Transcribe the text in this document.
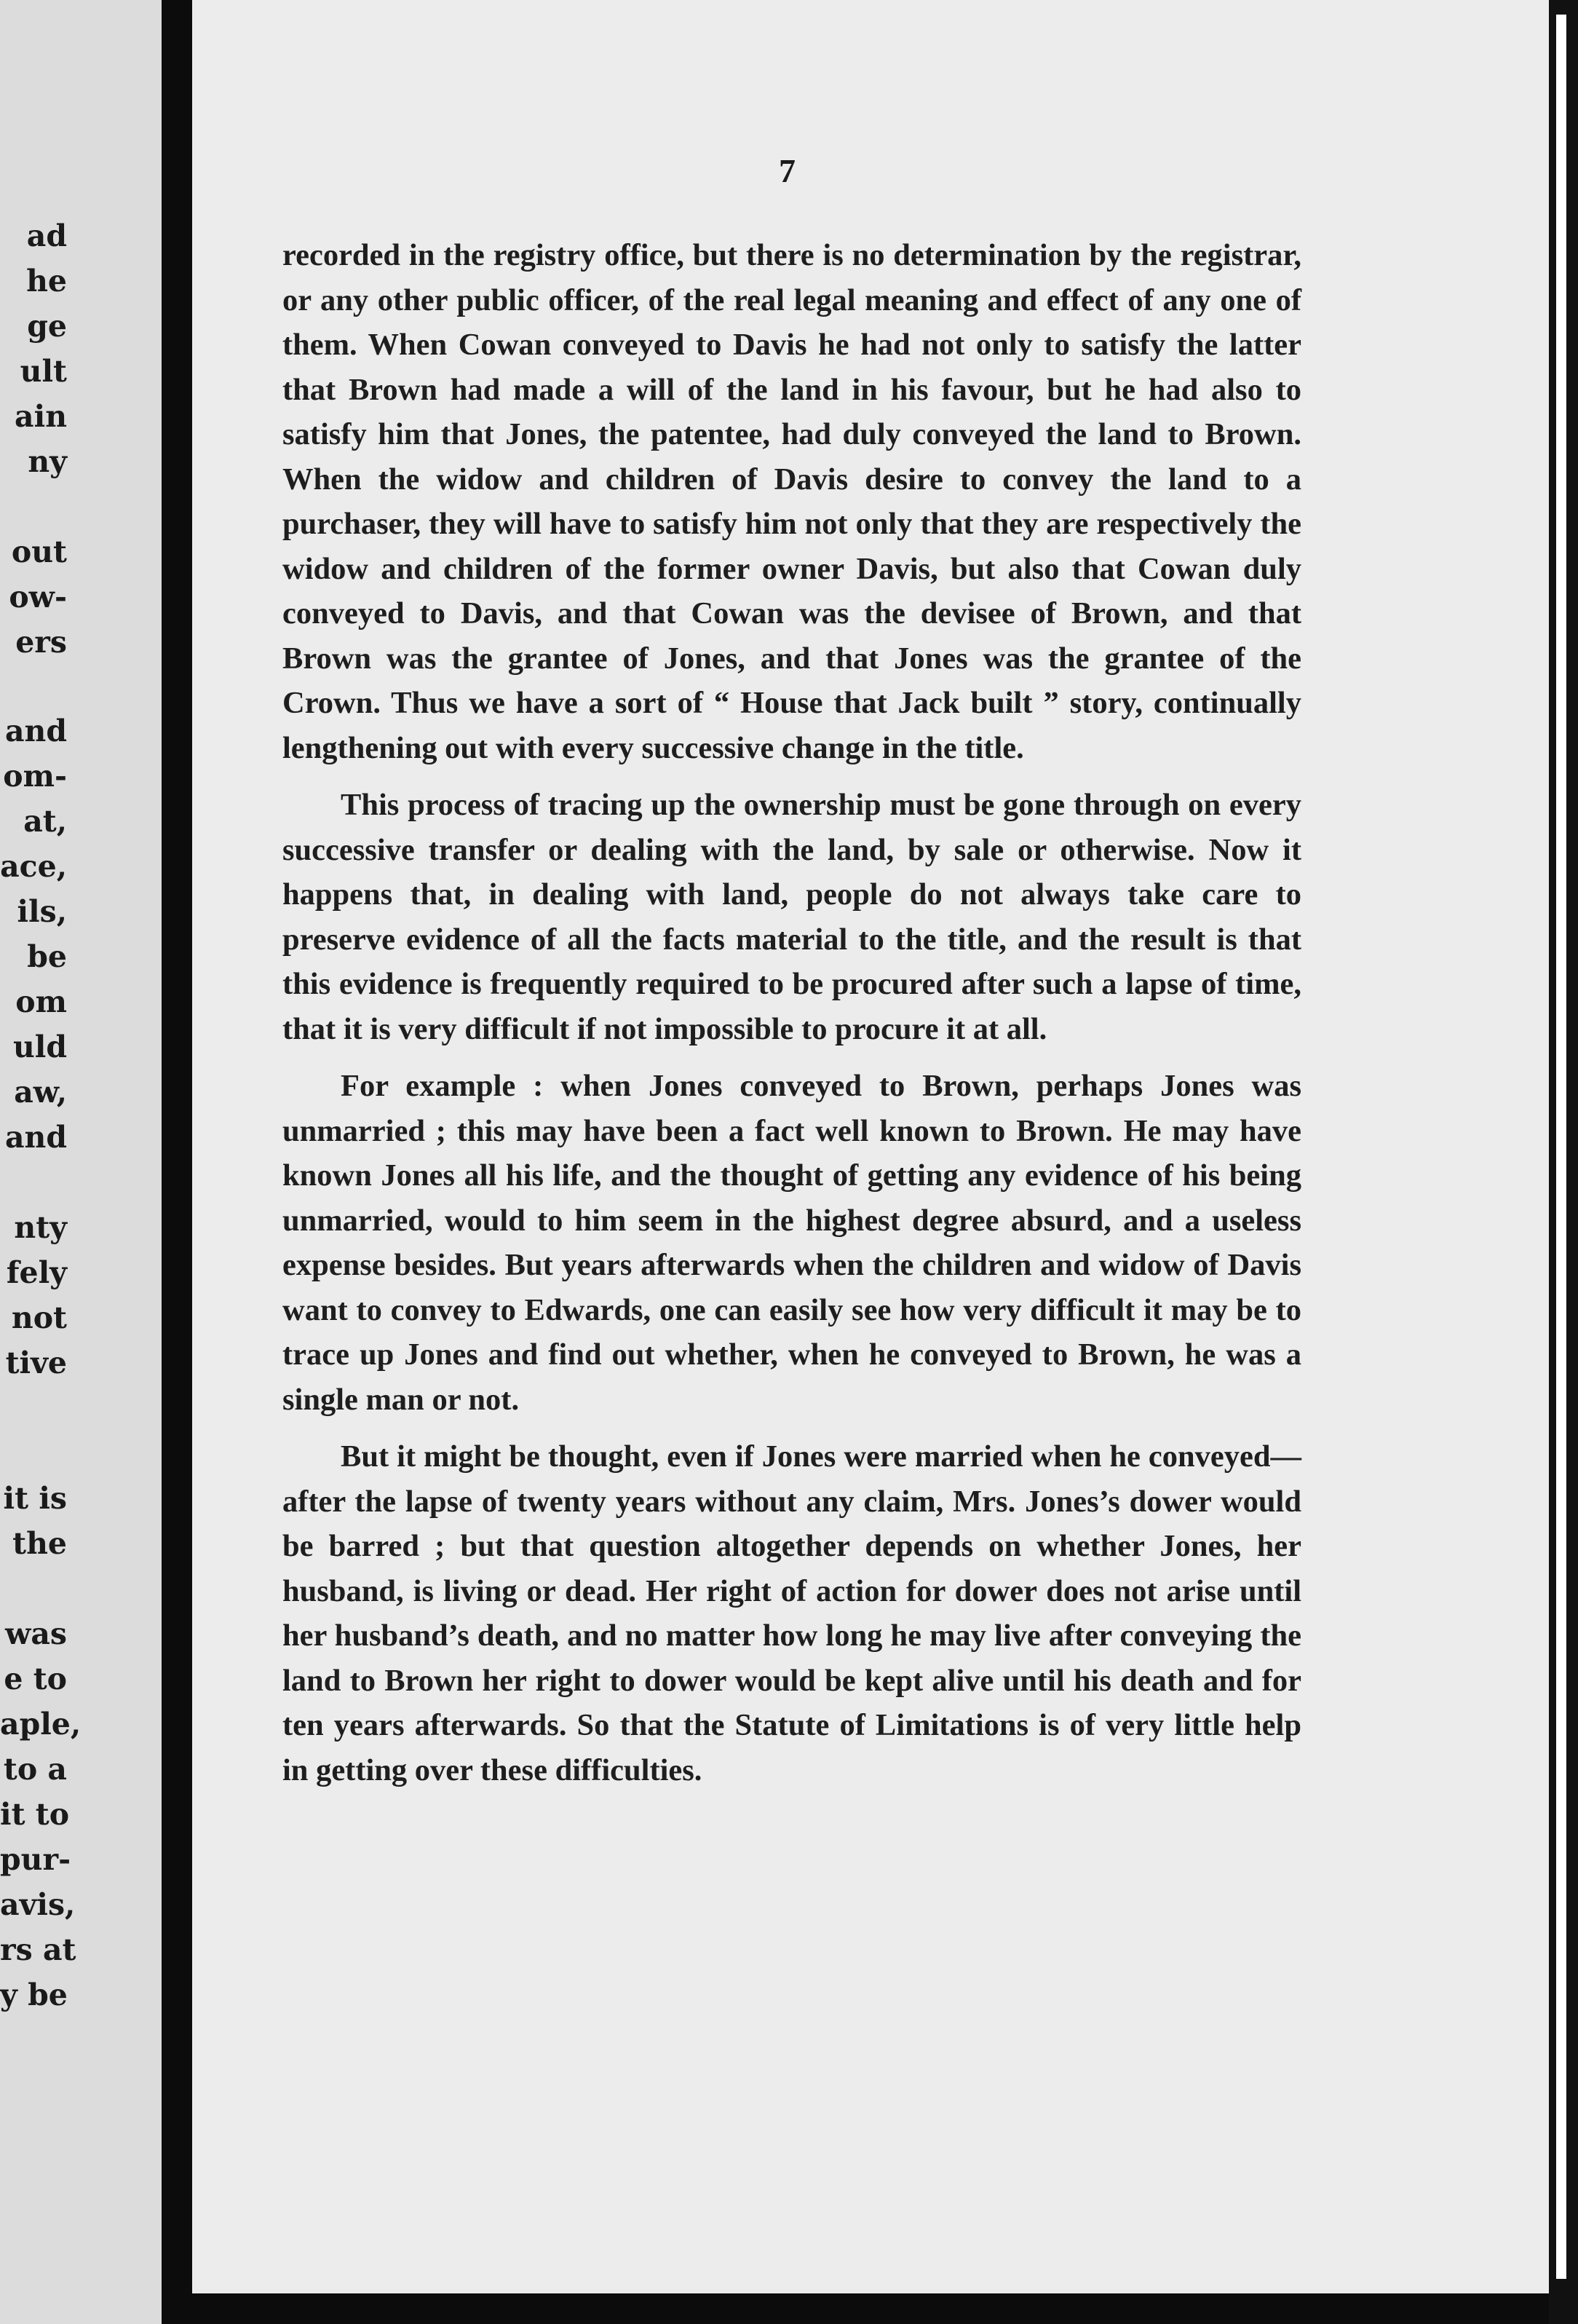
ad
he
ge
ult
ain
ny
out
ow-
ers
and
om-
at,
ace,
ils,
be
om
uld
aw,
and
nty
fely
not
tive
it is
the
was
e to
aple,
to a
it to
pur-
avis,
rs at
y be
7

recorded in the registry office, but there is no determination by the registrar, or any other public officer, of the real legal meaning and effect of any one of them. When Cowan conveyed to Davis he had not only to satisfy the latter that Brown had made a will of the land in his favour, but he had also to satisfy him that Jones, the patentee, had duly conveyed the land to Brown. When the widow and children of Davis desire to convey the land to a purchaser, they will have to satisfy him not only that they are respectively the widow and children of the former owner Davis, but also that Cowan duly conveyed to Davis, and that Cowan was the devisee of Brown, and that Brown was the grantee of Jones, and that Jones was the grantee of the Crown. Thus we have a sort of “ House that Jack built ” story, continually lengthening out with every successive change in the title.

This process of tracing up the ownership must be gone through on every successive transfer or dealing with the land, by sale or otherwise. Now it happens that, in dealing with land, people do not always take care to preserve evidence of all the facts material to the title, and the result is that this evidence is frequently required to be procured after such a lapse of time, that it is very difficult if not impossible to procure it at all.

For example : when Jones conveyed to Brown, perhaps Jones was unmarried ; this may have been a fact well known to Brown. He may have known Jones all his life, and the thought of getting any evidence of his being unmarried, would to him seem in the highest degree absurd, and a useless expense besides. But years afterwards when the children and widow of Davis want to convey to Edwards, one can easily see how very difficult it may be to trace up Jones and find out whether, when he conveyed to Brown, he was a single man or not.

But it might be thought, even if Jones were married when he conveyed—after the lapse of twenty years without any claim, Mrs. Jones’s dower would be barred ; but that question altogether depends on whether Jones, her husband, is living or dead. Her right of action for dower does not arise until her husband’s death, and no matter how long he may live after conveying the land to Brown her right to dower would be kept alive until his death and for ten years afterwards. So that the Statute of Limitations is of very little help in getting over these difficulties.
